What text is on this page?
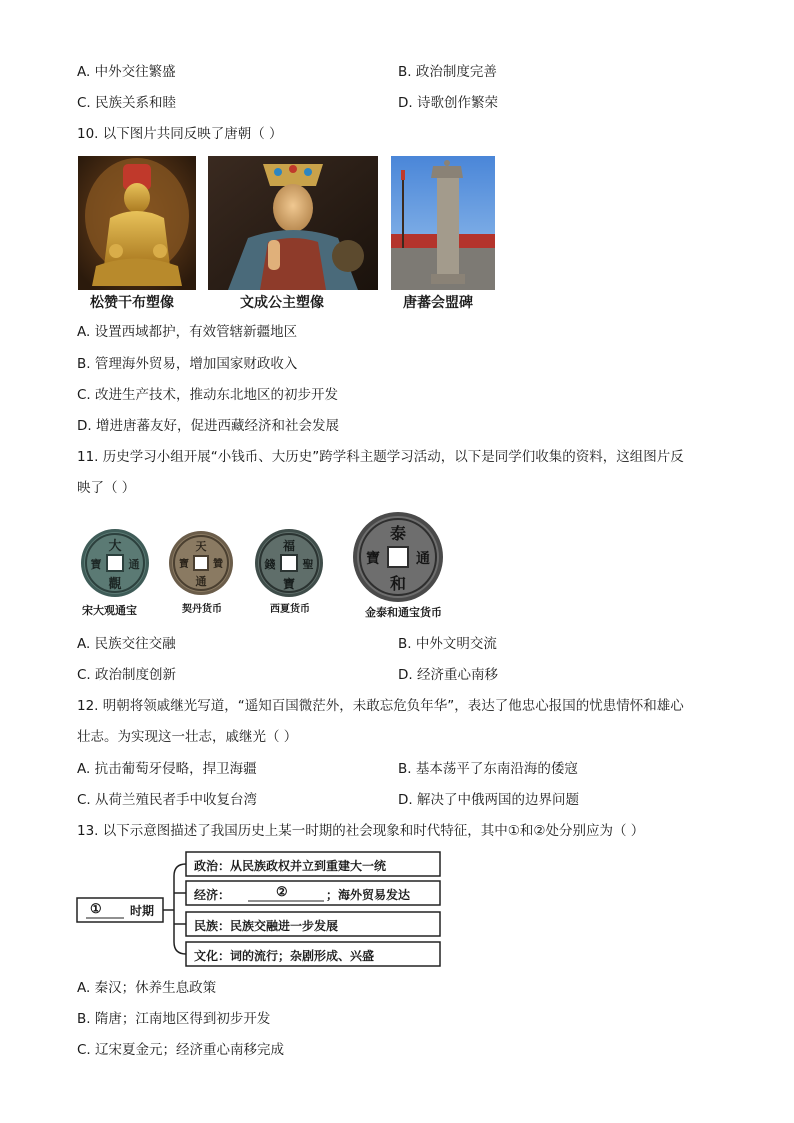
A. 中外交往繁盛	B. 政治制度完善
C. 民族关系和睦	D. 诗歌创作繁荣
10. 以下图片共同反映了唐朝（ ）
松赞干布塑像	文成公主塑像	唐蕃会盟碑
A. 设置西域都护，有效管辖新疆地区
B. 管理海外贸易，增加国家财政收入
C. 改进生产技术，推动东北地区的初步开发
D. 增进唐蕃友好，促进西藏经济和社会发展
11. 历史学习小组开展“小钱币、大历史”跨学科主题学习活动，以下是同学们收集的资料，这组图片反
映了（ ）
大
通
寶
觀
宋大观通宝
天
贊
通
寶
契丹货币
福
聖
寶
錢
西夏货币
泰
通
寶
和
金泰和通宝货币
A. 民族交往交融	B. 中外文明交流
C. 政治制度创新	D. 经济重心南移
12. 明朝将领戚继光写道，“遥知百国微茫外，未敢忘危负年华”，表达了他忠心报国的忧患情怀和雄心
壮志。为实现这一壮志，戚继光（ ）
A. 抗击葡萄牙侵略，捍卫海疆	B. 基本荡平了东南沿海的倭寇
C. 从荷兰殖民者手中收复台湾	D. 解决了中俄两国的边界问题
13. 以下示意图描述了我国历史上某一时期的社会现象和时代特征，其中①和②处分别应为（ ）
① 时期
政治：从民族政权并立到重建大一统
经济：	②	；海外贸易发达
民族：民族交融进一步发展
文化：词的流行；杂剧形成、兴盛
A. 秦汉；休养生息政策
B. 隋唐；江南地区得到初步开发
C. 辽宋夏金元；经济重心南移完成
